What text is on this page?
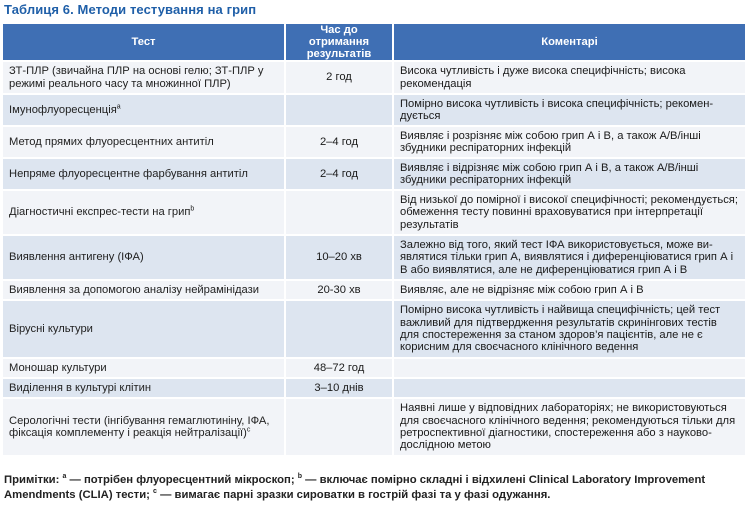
Таблиця 6. Методи тестування на грип
Тест	Час до отримання результатів	Коментарі
ЗТ-ПЛР (звичайна ПЛР на основі гелю; ЗТ-ПЛР у режимі реального часу та множинної ПЛР)	2 год	Висока чутливість і дуже висока специфічність; висока рекомендація
Імунофлуоресценція$^a$		Помірно висока чутливість і висока специфічність; рекомендується
Метод прямих флуоресцентних антитіл	2–4 год	Виявляє і розрізняє між собою грип А і В, а також А/В/інші збудники респіраторних інфекцій
Непряме флуоресцентне фарбування антитіл	2–4 год	Виявляє і відрізняє між собою грип А і В, а також А/В/інші збудники респіраторних інфекцій
Діагностичні експрес-тести на грип$^b$		Від низької до помірної і високої специфічності; рекомендується; обмеження тесту повинні враховуватися при інтерпретації результатів
Виявлення антигену (ІФА)	10–20 хв	Залежно від того, який тест ІФА використовується, може виявлятися тільки грип А, виявлятися і диференціюватися грип А і В або виявлятися, але не диференціюватися грип А і В
Виявлення за допомогою аналізу нейрамінідази	20-30 хв	Виявляє, але не відрізняє між собою грип А і В
Вірусні культури		Помірно висока чутливість і найвища специфічність; цей тест важливий для підтвердження результатів скринінгових тестів для спостереження за станом здоров’я пацієнтів, але не є корисним для своєчасного клінічного ведення
Моношар культури	48–72 год	
Виділення в культурі клітин	3–10 днів	
Серологічні тести (інгібування гемаглютиніну, ІФА, фіксація комплементу і реакція нейтралізації)$^c$		Наявні лише у відповідних лабораторіях; не використовуються для своєчасного клінічного ведення; рекомендуються тільки для ретроспективної діагностики, спостереження або з науково-дослідною метою
Примітки: $^a$ — потрібен флуоресцентний мікроскоп; $^b$ — включає помірно складні і відхилені Clinical Laboratory Improvement Amendments (CLIA) тести; $^c$ — вимагає парні зразки сироватки в гострій фазі та у фазі одужання.
